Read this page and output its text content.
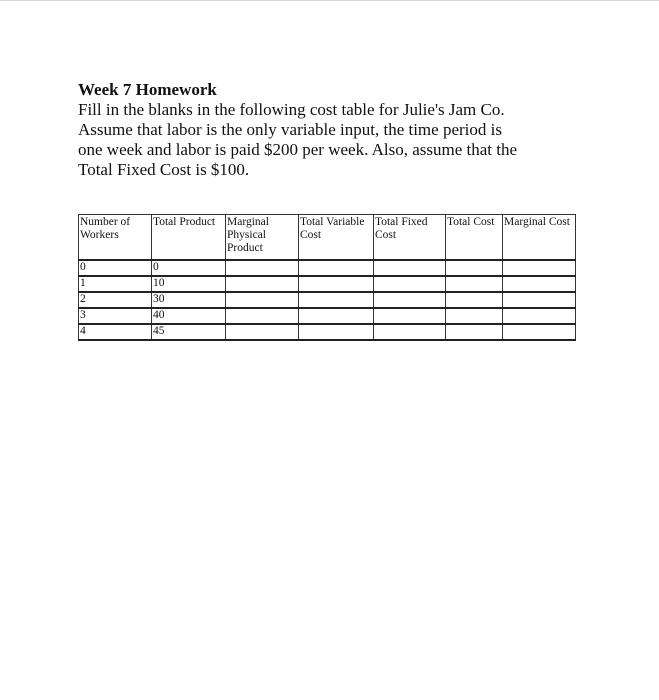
Week 7 Homework

Fill in the blanks in the following cost table for Julie's Jam Co.
Assume that labor is the only variable input, the time period is
one week and labor is paid $200 per week. Also, assume that the
Total Fixed Cost is $100.

Number of Workers	Total Product	Marginal Physical Product	Total Variable Cost	Total Fixed Cost	Total Cost	Marginal Cost
0	0					
1	10					
2	30					
3	40					
4	45					
